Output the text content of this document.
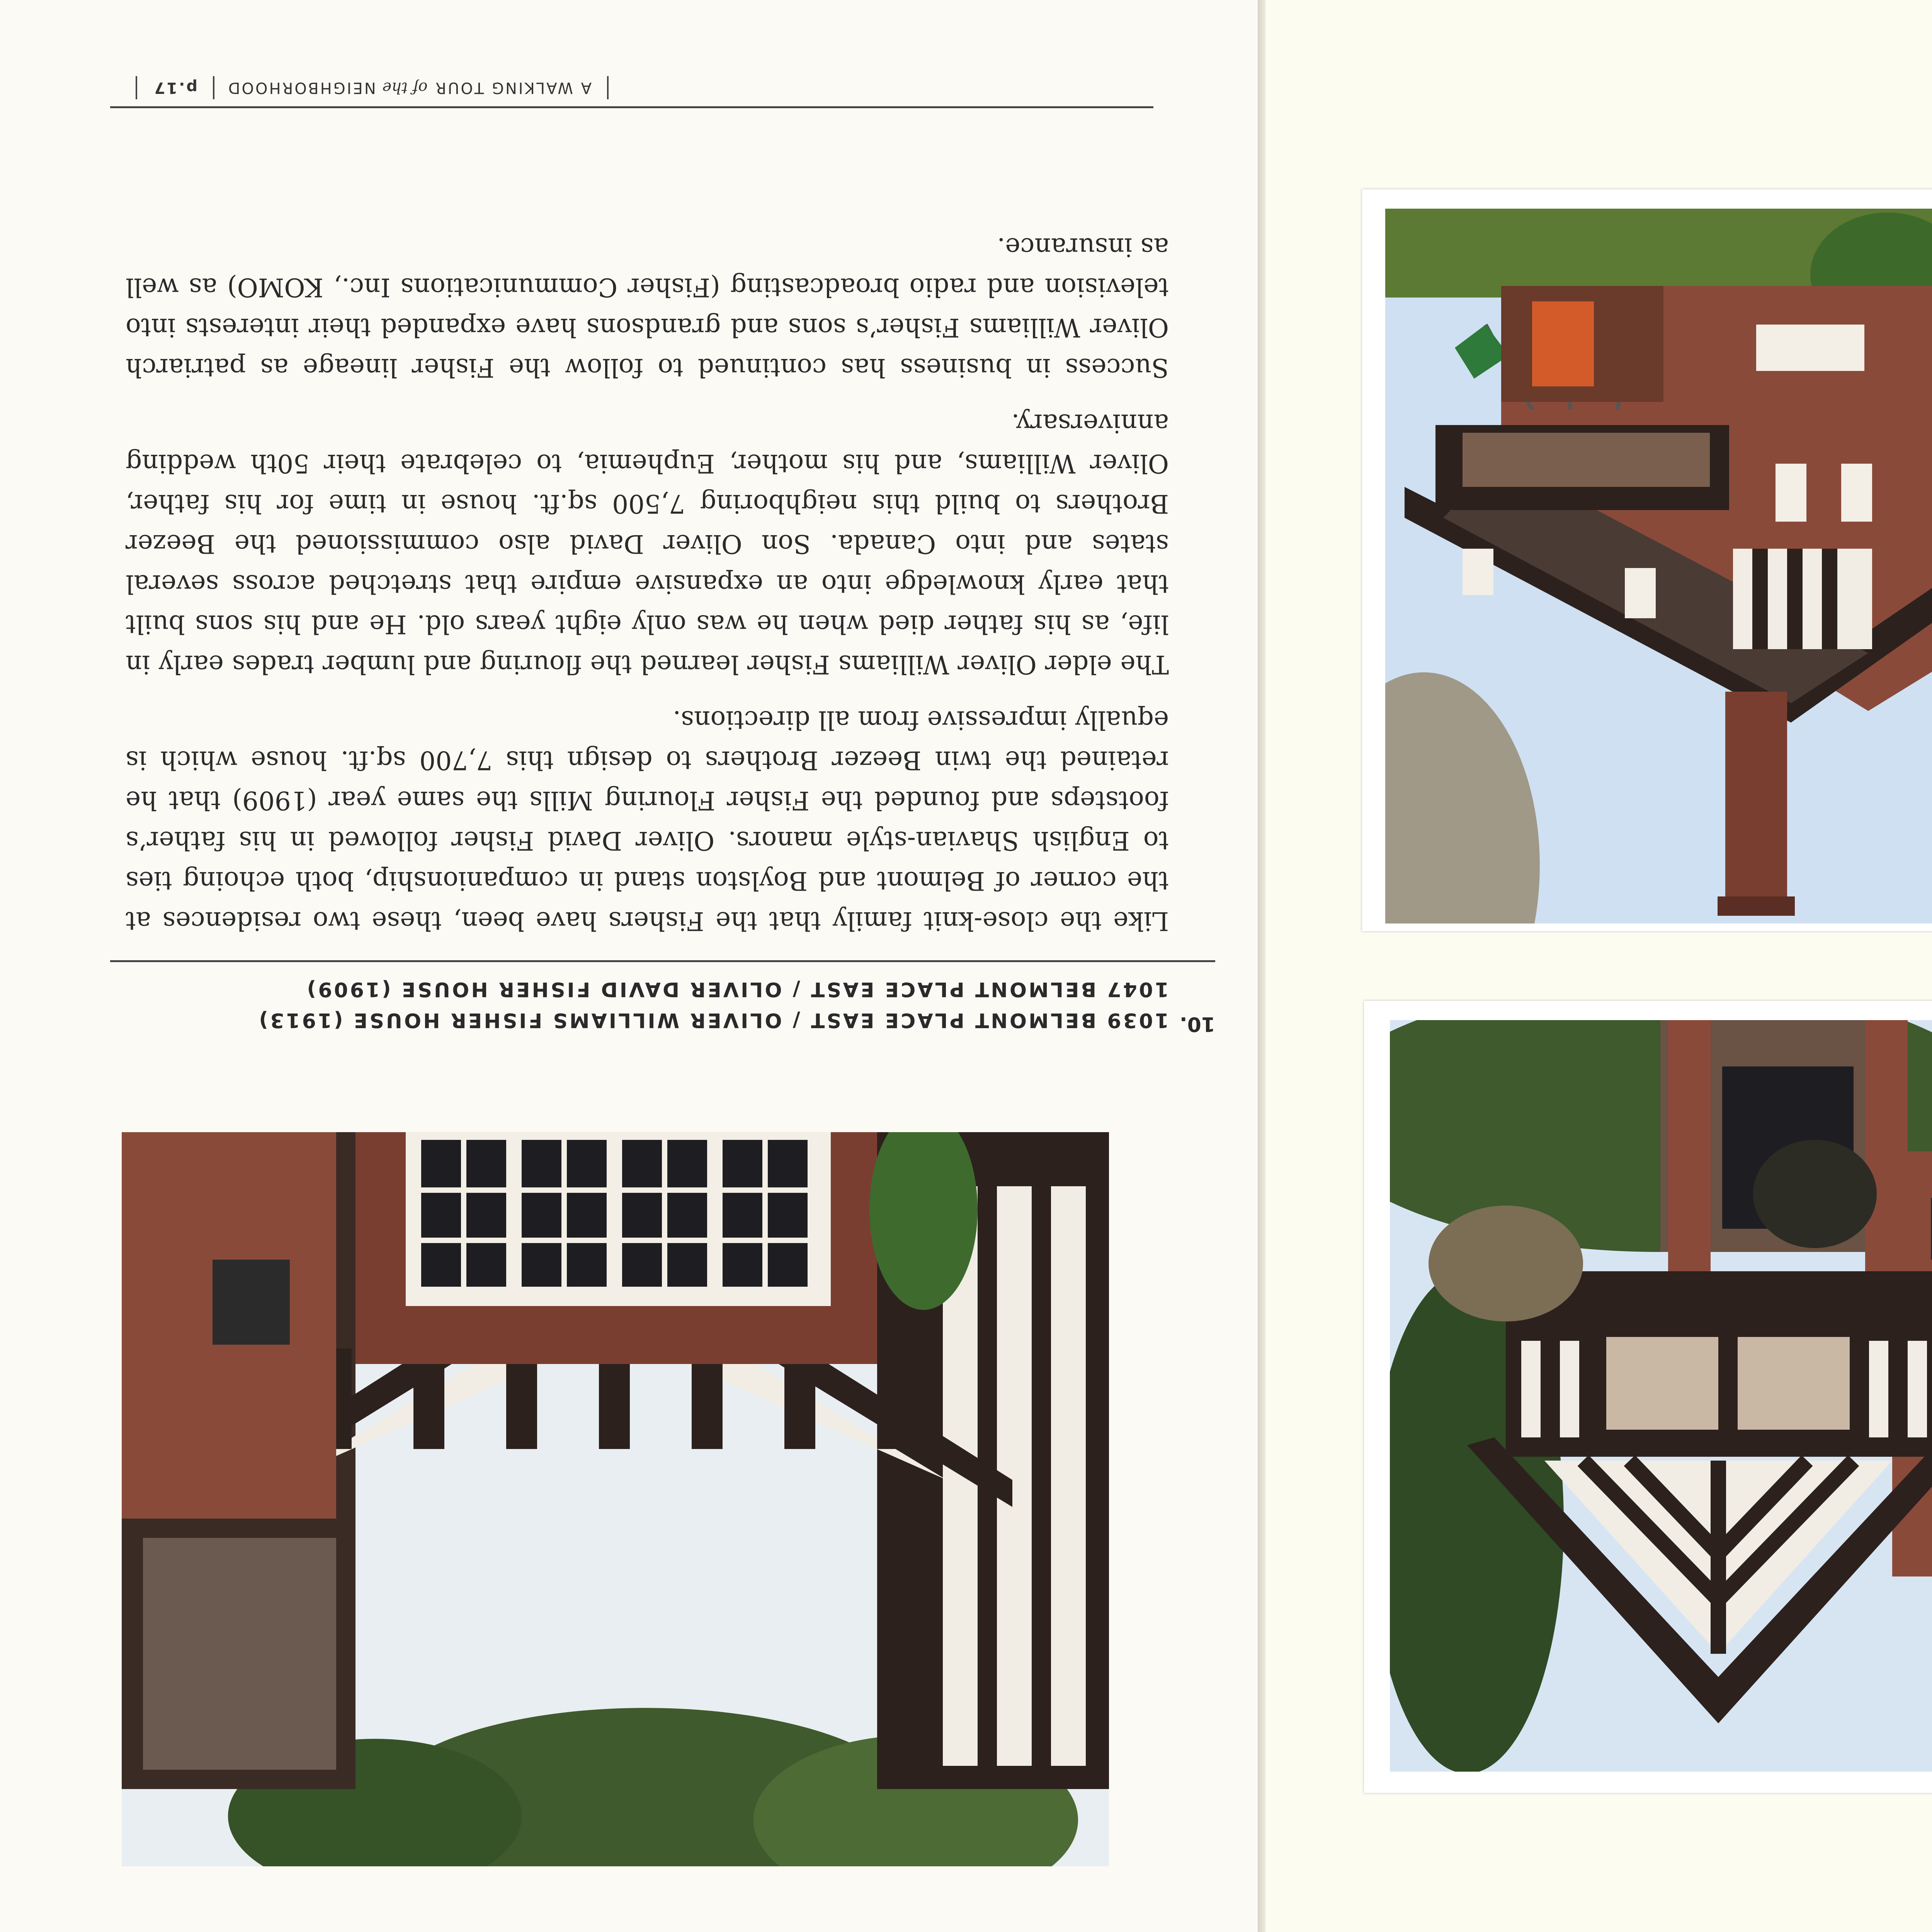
A WALKING TOUR of the NEIGHBORHOOD
p.17
10.
1039 BELMONT PLACE EAST / OLIVER WILLIAMS FISHER HOUSE (1913)
1047 BELMONT PLACE EAST / OLIVER DAVID FISHER HOUSE (1909)

Like the close-knit family that the Fishers have been, these two residences at the corner of Belmont and Boylston stand in companionship, both echoing ties to English Shavian-style manors. Oliver David Fisher followed in his father’s footsteps and founded the Fisher Flouring Mills the same year (1909) that he retained the twin Beezer Brothers to design this 7,700 sq.ft. house which is equally impressive from all directions.

The elder Oliver Williams Fisher learned the flouring and lumber trades early in life, as his father died when he was only eight years old. He and his sons built that early knowledge into an expansive empire that stretched across several states and into Canada. Son Oliver David also commissioned the Beezer Brothers to build this neighboring 7,500 sq.ft. house in time for his father, Oliver Williams, and his mother, Euphemia, to celebrate their 50th wedding anniversary.

Success in business has continued to follow the Fisher lineage as patriarch Oliver Williams Fisher’s sons and grandsons have expanded their interests into television and radio broadcasting (Fisher Communications Inc., KOMO) as well as insurance.
